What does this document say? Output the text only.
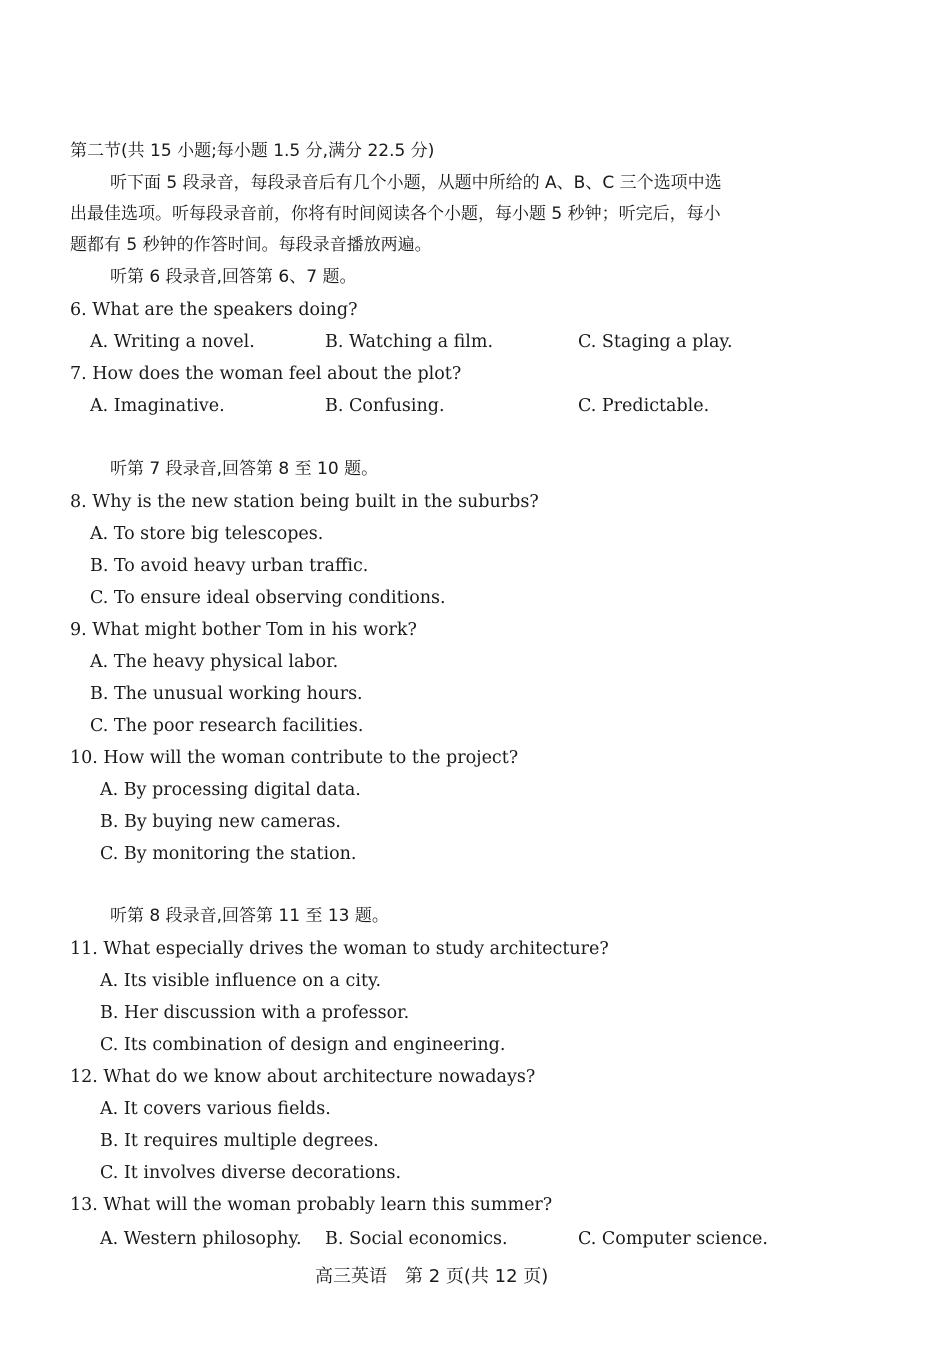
第二节(共 15 小题;每小题 1.5 分,满分 22.5 分)
听下面 5 段录音，每段录音后有几个小题，从题中所给的 A、B、C 三个选项中选
出最佳选项。听每段录音前，你将有时间阅读各个小题，每小题 5 秒钟；听完后，每小
题都有 5 秒钟的作答时间。每段录音播放两遍。
听第 6 段录音,回答第 6、7 题。
6. What are the speakers doing?
A. Writing a novel.	B. Watching a film.	C. Staging a play.
7. How does the woman feel about the plot?
A. Imaginative.	B. Confusing.	C. Predictable.
听第 7 段录音,回答第 8 至 10 题。
8. Why is the new station being built in the suburbs?
A. To store big telescopes.
B. To avoid heavy urban traffic.
C. To ensure ideal observing conditions.
9. What might bother Tom in his work?
A. The heavy physical labor.
B. The unusual working hours.
C. The poor research facilities.
10. How will the woman contribute to the project?
A. By processing digital data.
B. By buying new cameras.
C. By monitoring the station.
听第 8 段录音,回答第 11 至 13 题。
11. What especially drives the woman to study architecture?
A. Its visible influence on a city.
B. Her discussion with a professor.
C. Its combination of design and engineering.
12. What do we know about architecture nowadays?
A. It covers various fields.
B. It requires multiple degrees.
C. It involves diverse decorations.
13. What will the woman probably learn this summer?
A. Western philosophy. B. Social economics.	C. Computer science.
高三英语　第 2 页(共 12 页)
